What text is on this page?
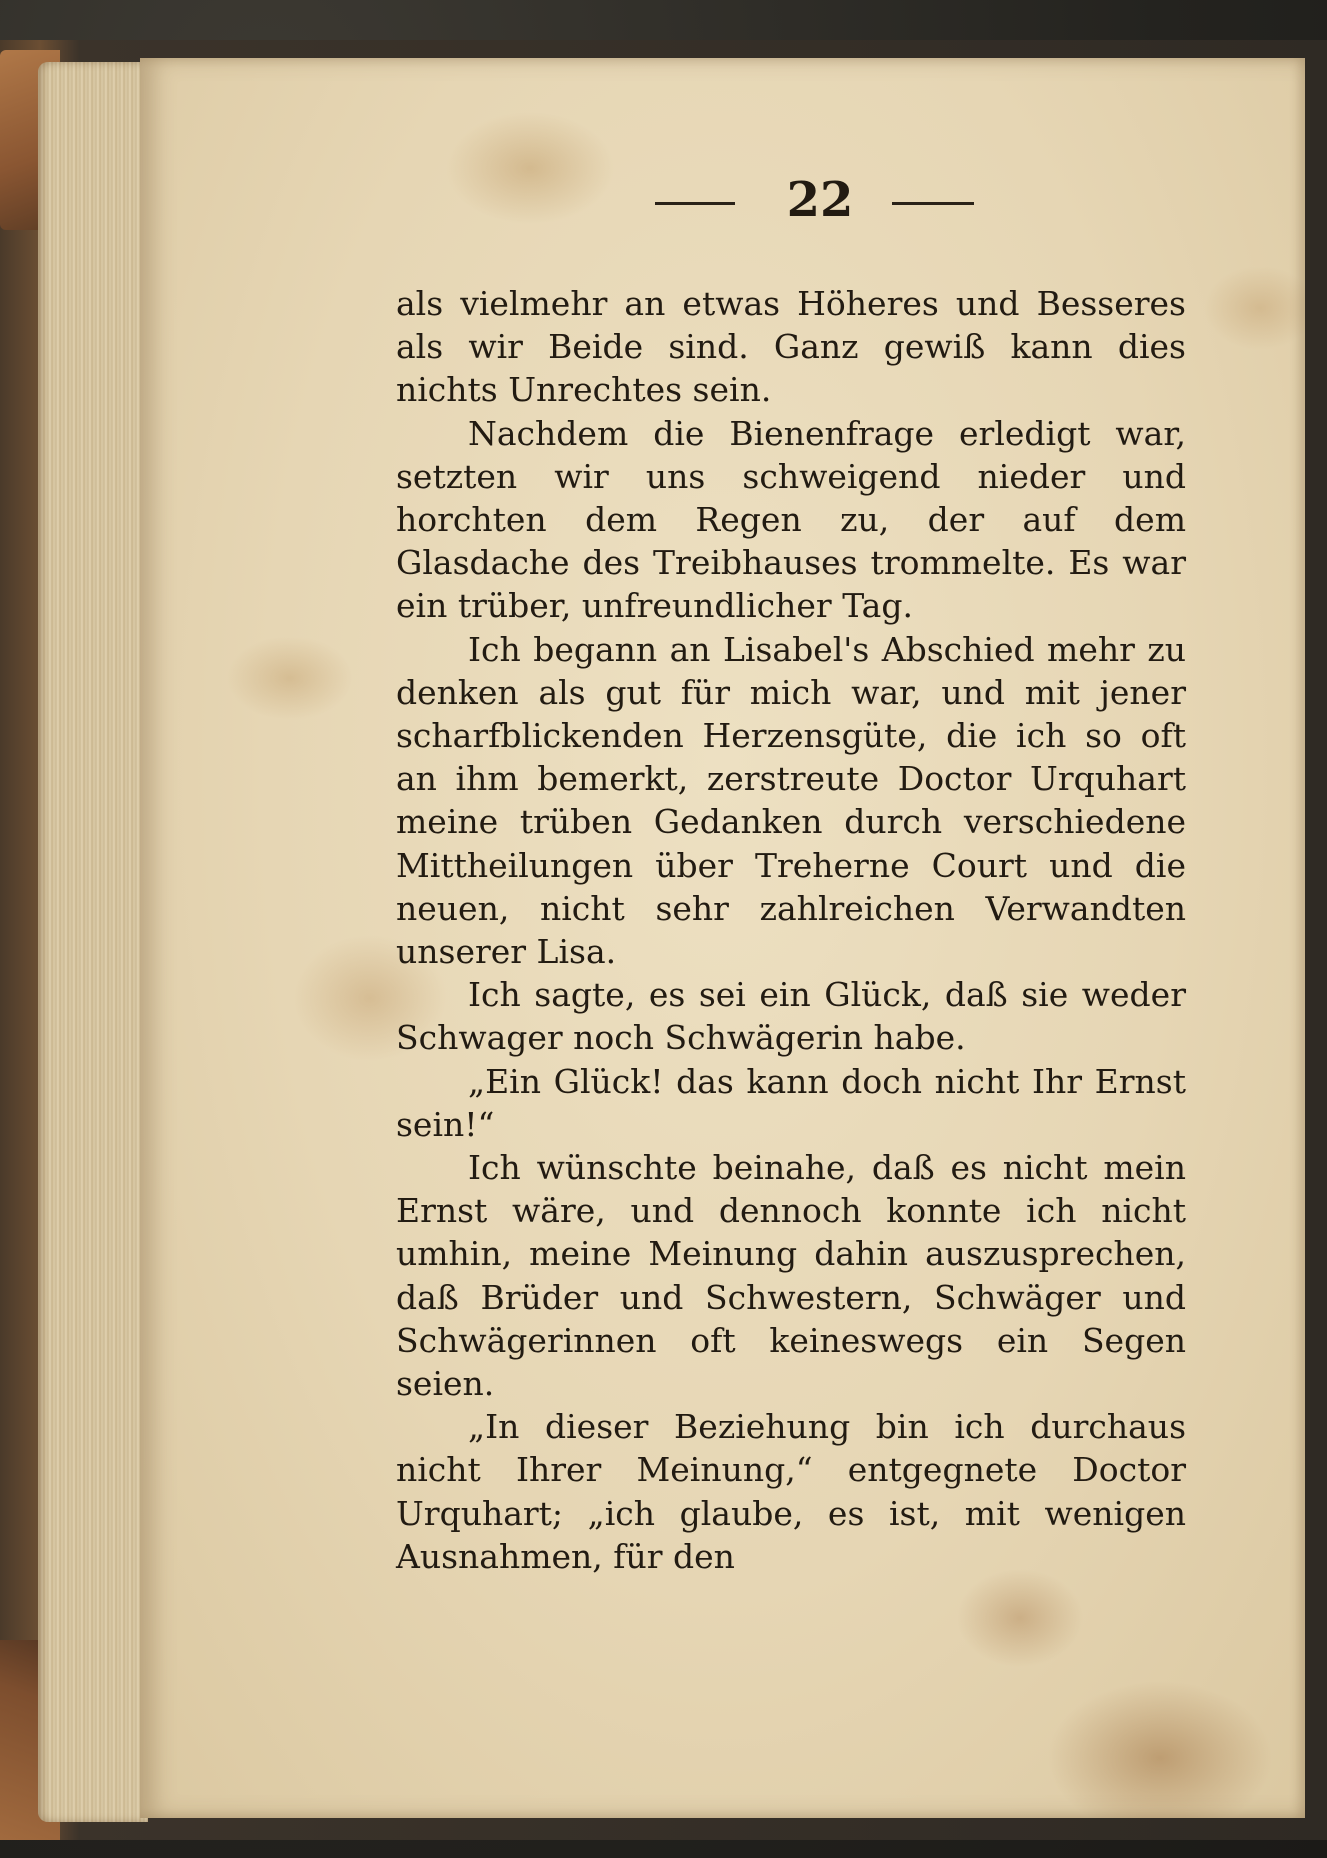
22

als vielmehr an etwas Höheres und Besseres als wir Beide sind. Ganz gewiß kann dies nichts Unrechtes sein.

Nachdem die Bienenfrage erledigt war, setzten wir uns schweigend nieder und horchten dem Regen zu, der auf dem Glasdache des Treibhauses trommelte. Es war ein trüber, unfreundlicher Tag.

Ich begann an Lisabel's Abschied mehr zu denken als gut für mich war, und mit jener scharfblickenden Herzensgüte, die ich so oft an ihm bemerkt, zerstreute Doctor Urquhart meine trüben Gedanken durch verschiedene Mittheilungen über Treherne Court und die neuen, nicht sehr zahlreichen Verwandten unserer Lisa.

Ich sagte, es sei ein Glück, daß sie weder Schwager noch Schwägerin habe.

„Ein Glück! das kann doch nicht Ihr Ernst sein!“

Ich wünschte beinahe, daß es nicht mein Ernst wäre, und dennoch konnte ich nicht umhin, meine Meinung dahin auszusprechen, daß Brüder und Schwestern, Schwäger und Schwägerinnen oft keineswegs ein Segen seien.

„In dieser Beziehung bin ich durchaus nicht Ihrer Meinung,“ entgegnete Doctor Urquhart; „ich glaube, es ist, mit wenigen Ausnahmen, für den
